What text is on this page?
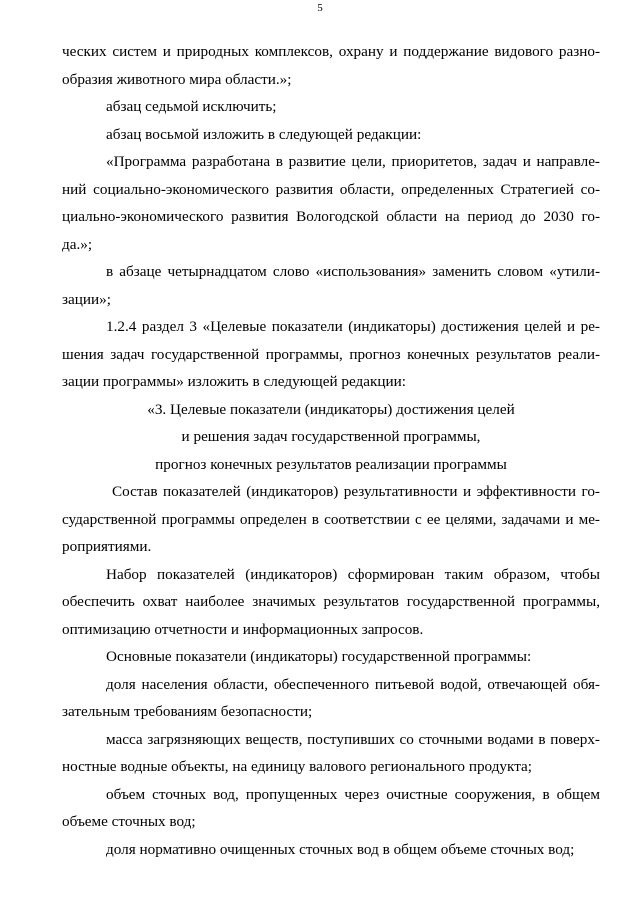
5
ческих систем и природных комплексов, охрану и поддержание видового разно-
образия животного мира области.»;
абзац седьмой исключить;
абзац восьмой изложить в следующей редакции:
«Программа разработана в развитие цели, приоритетов, задач и направле-
ний социально-экономического развития области, определенных Стратегией со-
циально-экономического развития Вологодской области на период до 2030 го-
да.»;
в абзаце четырнадцатом слово «использования» заменить словом «утили-
зации»;
1.2.4 раздел 3 «Целевые показатели (индикаторы) достижения целей и ре-
шения задач государственной программы, прогноз конечных результатов реали-
зации программы» изложить в следующей редакции:
«3. Целевые показатели (индикаторы) достижения целей
и решения задач государственной программы,
прогноз конечных результатов реализации программы
Состав показателей (индикаторов) результативности и эффективности го-
сударственной программы определен в соответствии с ее целями, задачами и ме-
роприятиями.
Набор показателей (индикаторов) сформирован таким образом, чтобы
обеспечить охват наиболее значимых результатов государственной программы,
оптимизацию отчетности и информационных запросов.
Основные показатели (индикаторы) государственной программы:
доля населения области, обеспеченного питьевой водой, отвечающей обя-
зательным требованиям безопасности;
масса загрязняющих веществ, поступивших со сточными водами в поверх-
ностные водные объекты, на единицу валового регионального продукта;
объем сточных вод, пропущенных через очистные сооружения, в общем
объеме сточных вод;
доля нормативно очищенных сточных вод в общем объеме сточных вод;
